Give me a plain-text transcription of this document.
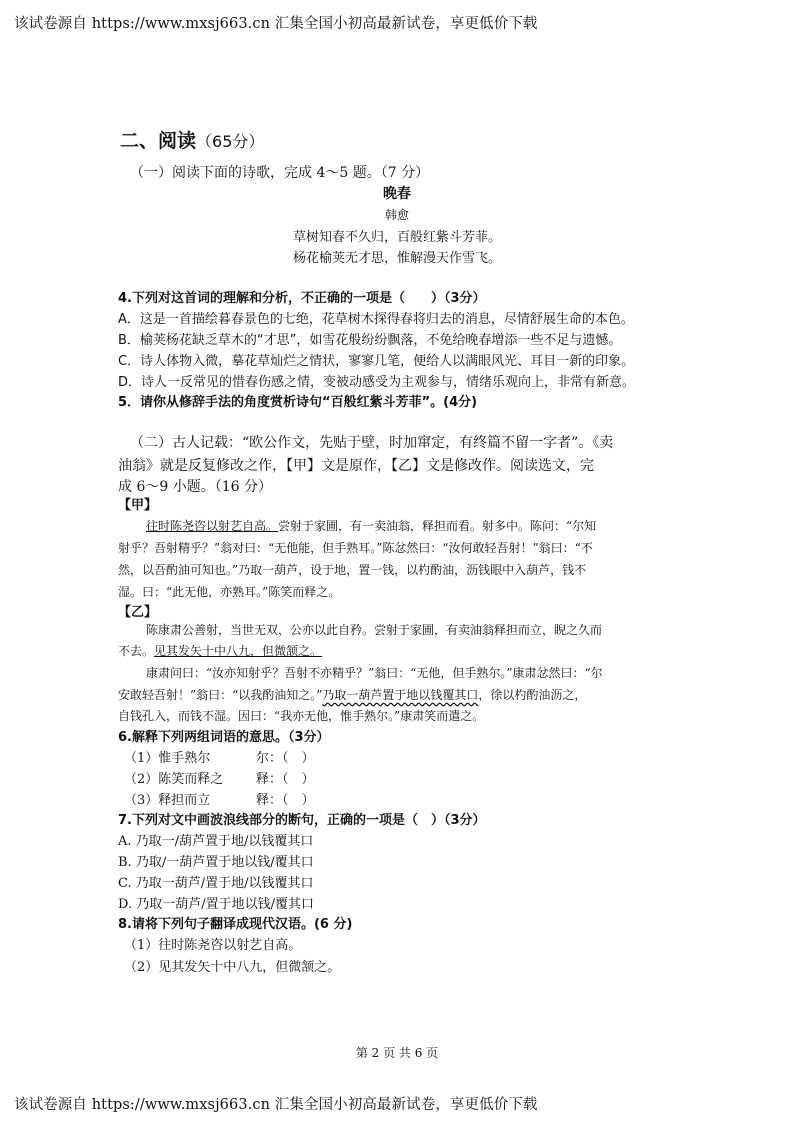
该试卷源自 https://www.mxsj663.cn 汇集全国小初高最新试卷，享更低价下载
该试卷源自 https://www.mxsj663.cn 汇集全国小初高最新试卷，享更低价下载
二、阅读（65分）
（一）阅读下面的诗歌，完成 4～5 题。（7 分）
晚春
韩愈
草树知春不久归，百般红紫斗芳菲。
杨花榆荚无才思，惟解漫天作雪飞。
4.下列对这首词的理解和分析，不正确的一项是（　　）（3分）
A．这是一首描绘暮春景色的七绝，花草树木探得春将归去的消息，尽情舒展生命的本色。
B．榆荚杨花缺乏草木的“才思”，如雪花般纷纷飘落，不免给晚春增添一些不足与遗憾。
C．诗人体物入微，摹花草灿烂之情状，寥寥几笔，便给人以满眼风光、耳目一新的印象。
D．诗人一反常见的惜春伤感之情，变被动感受为主观参与，情绪乐观向上，非常有新意。
5．请你从修辞手法的角度赏析诗句“百般红紫斗芳菲”。(4分)
（二）古人记载：“欧公作文，先贴于壁，时加窜定，有终篇不留一字者”。《卖
油翁》就是反复修改之作，【甲】文是原作，【乙】文是修改作。阅读选文，完
成 6～9 小题。（16 分）
【甲】
往时陈尧咨以射艺自高。尝射于家圃，有一卖油翁，释担而看。射多中。陈问：“尔知
射乎？吾射精乎？”翁对曰：“无他能，但手熟耳。”陈忿然曰：“汝何敢轻吾射！”翁曰：“不
然，以吾酌油可知也。”乃取一葫芦，设于地，置一钱，以杓酌油，沥钱眼中入葫芦，钱不
湿。曰：“此无他，亦熟耳。”陈笑而释之。
【乙】
陈康肃公善射，当世无双，公亦以此自矜。尝射于家圃，有卖油翁释担而立，睨之久而
不去。见其发矢十中八九，但微颔之。
康肃问曰：“汝亦知射乎？吾射不亦精乎？”翁曰：“无他，但手熟尔。”康肃忿然曰：“尔
安敢轻吾射！”翁曰：“以我酌油知之。”乃取一葫芦置于地以钱覆其口，徐以杓酌油沥之，
自钱孔入，而钱不湿。因曰：“我亦无他，惟手熟尔。”康肃笑而遣之。
6.解释下列两组词语的意思。（3分）
（1）惟手熟尔	尔：（　）
（2）陈笑而释之	释：（　）
（3）释担而立	释：（　）
7.下列对文中画波浪线部分的断句，正确的一项是（　）（3分）
A. 乃取一/葫芦置于地/以钱覆其口
B. 乃取/一葫芦置于地以钱/覆其口
C. 乃取一葫芦/置于地/以钱覆其口
D. 乃取一葫芦/置于地以钱/覆其口
8.请将下列句子翻译成现代汉语。(6 分)
（1）往时陈尧咨以射艺自高。
（2）见其发矢十中八九，但微颔之。
第 2 页 共 6 页
